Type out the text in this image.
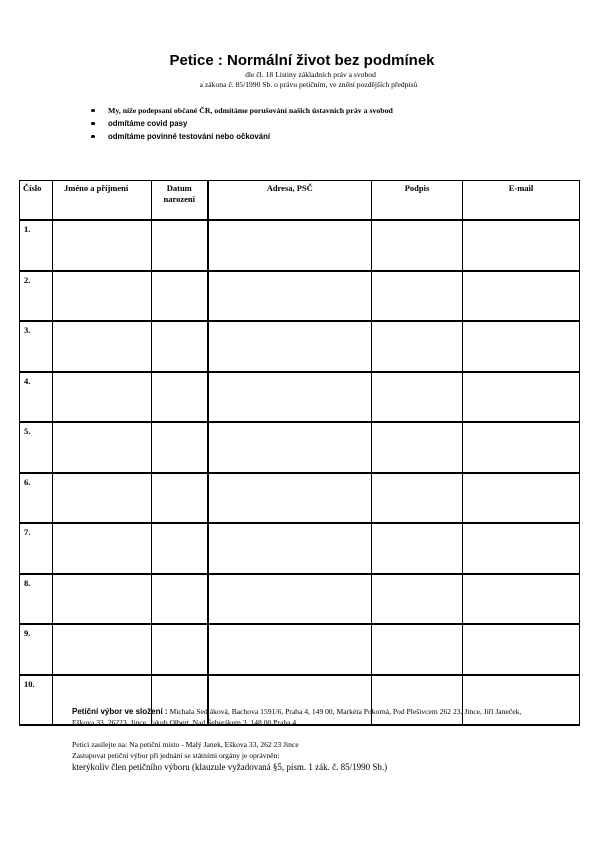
Petice : Normální život bez podmínek

dle čl. 18 Listiny základních práv a svobod

a zákona č. 85/1990 Sb. o právu petičním, ve znění pozdějších předpisů

My, níže podepsaní občané ČR, odmítáme porušování našich ústavních práv a svobod
odmítáme covid pasy
odmítáme povinné testování nebo očkování
Číslo	Jméno a příjmení	Datum narození	Adresa, PSČ	Podpis	E-mail
1.					
2.					
3.					
4.					
5.					
6.					
7.					
8.					
9.					
10.					

Petiční výbor ve složení : Michala Sedláková, Bachova 1591/6, Praha 4, 149 00, Markéta Pokorná, Pod Plešivcem 262 23, Jince, Jiří Janeček, Eškova 33, 26223, Jince, Jakub Olbert, Nad Šeberákem 3, 148 00 Praha 4

Petici zasílejte na: Na petiční místo - Malý Janek, Eškova 33, 262 23 Jince

Zastupovat petiční výbor při jednání se státními orgány je oprávněn:

kterýkoliv člen petičního výboru (klauzule vyžadovaná §5, písm. 1 zák. č. 85/1990 Sb.)
